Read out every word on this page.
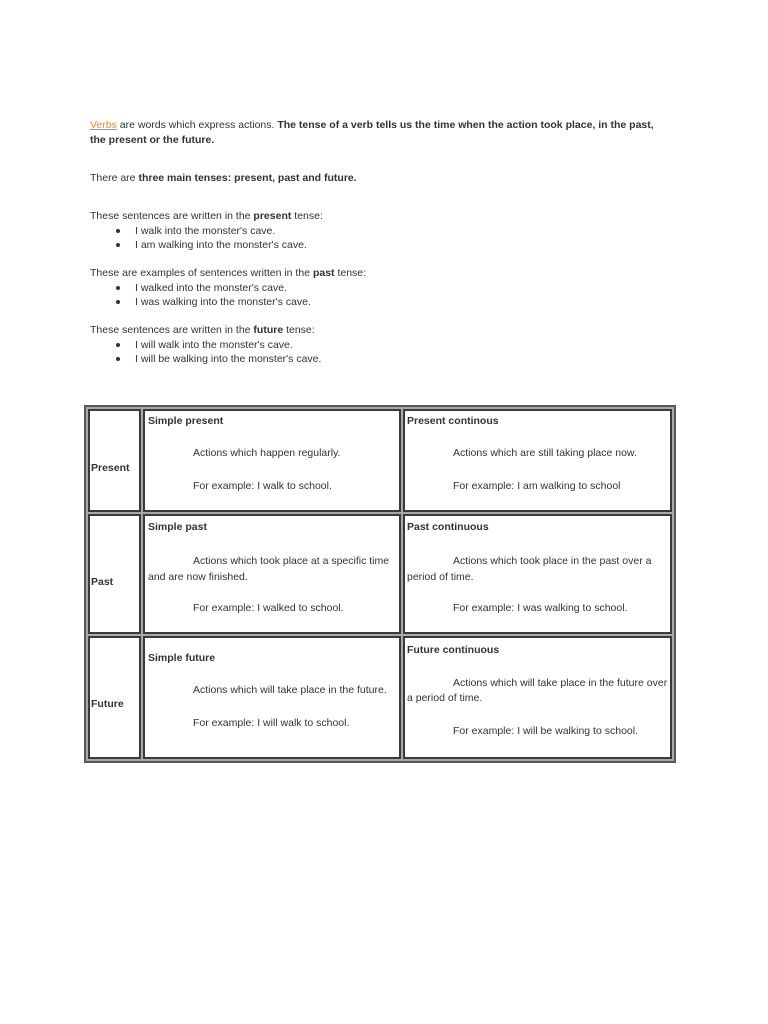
Verbs are words which express actions. The tense of a verb tells us the time when the action took place, in the past,

the present or the future.

There are three main tenses: present, past and future.

These sentences are written in the present tense:

I walk into the monster's cave.
I am walking into the monster's cave.

These are examples of sentences written in the past tense:

I walked into the monster's cave.
I was walking into the monster's cave.

These sentences are written in the future tense:

I will walk into the monster's cave.
I will be walking into the monster's cave.
Present
Simple present
Actions which happen regularly.
For example: I walk to school.
Present continous
Actions which are still taking place now.
For example: I am walking to school
Past
Simple past
Actions which took place at a specific time
and are now finished.
For example: I walked to school.
Past continuous
Actions which took place in the past over a
period of time.
For example: I was walking to school.
Future
Simple future
Actions which will take place in the future.
For example: I will walk to school.
Future continuous
Actions which will take place in the future over
a period of time.
For example: I will be walking to school.
